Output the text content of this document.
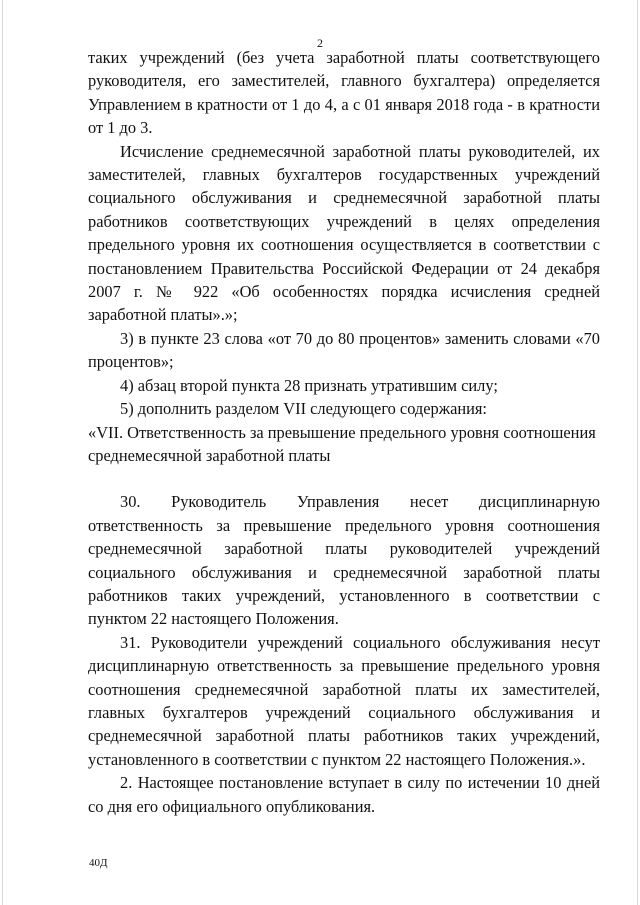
2

таких учреждений (без учета заработной платы соответствующего руководителя, его заместителей, главного бухгалтера) определяется Управлением в кратности от 1 до 4, а с 01 января 2018 года - в кратности от 1 до 3.

Исчисление среднемесячной заработной платы руководителей, их заместителей, главных бухгалтеров государственных учреждений социального обслуживания и среднемесячной заработной платы работников соответствующих учреждений в целях определения предельного уровня их соотношения осуществляется в соответствии с постановлением Правительства Российской Федерации от 24 декабря 2007 г. № 922 «Об особенностях порядка исчисления средней заработной платы».»;

3) в пункте 23 слова «от 70 до 80 процентов» заменить словами «70 процентов»;

4) абзац второй пункта 28 признать утратившим силу;

5) дополнить разделом VII следующего содержания:

«VII. Ответственность за превышение предельного уровня соотношения

среднемесячной заработной платы

30. Руководитель Управления несет дисциплинарную ответственность за превышение предельного уровня соотношения среднемесячной заработной платы руководителей учреждений социального обслуживания и среднемесячной заработной платы работников таких учреждений, установленного в соответствии с пунктом 22 настоящего Положения.

31. Руководители учреждений социального обслуживания несут дисциплинарную ответственность за превышение предельного уровня соотношения среднемесячной заработной платы их заместителей, главных бухгалтеров учреждений социального обслуживания и среднемесячной заработной платы работников таких учреждений, установленного в соответствии с пунктом 22 настоящего Положения.».

2. Настоящее постановление вступает в силу по истечении 10 дней со дня его официального опубликования.

40Д
